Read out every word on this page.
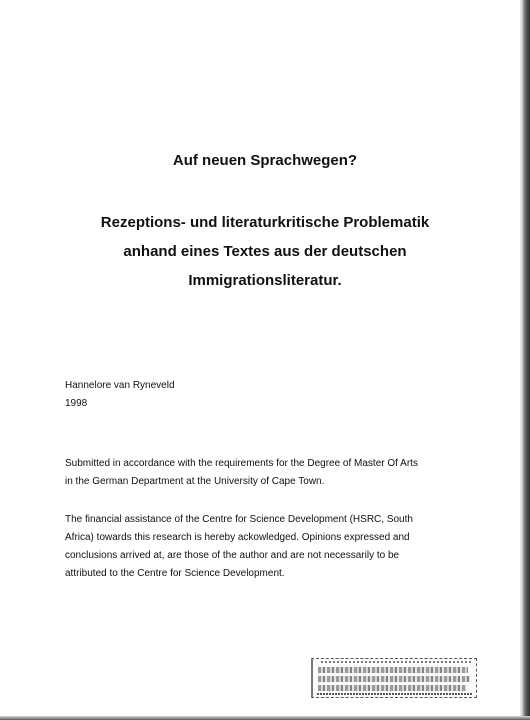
Auf neuen Sprachwegen?
Rezeptions- und literaturkritische Problematik
anhand eines Textes aus der deutschen
Immigrationsliteratur.

Hannelore van Ryneveld

1998

Submitted in accordance with the requirements for the Degree of Master Of Arts
in the German Department at the University of Cape Town.

The financial assistance of the Centre for Science Development (HSRC, South
Africa) towards this research is hereby ackowledged. Opinions expressed and
conclusions arrived at, are those of the author and are not necessarily to be
attributed to the Centre for Science Development.
